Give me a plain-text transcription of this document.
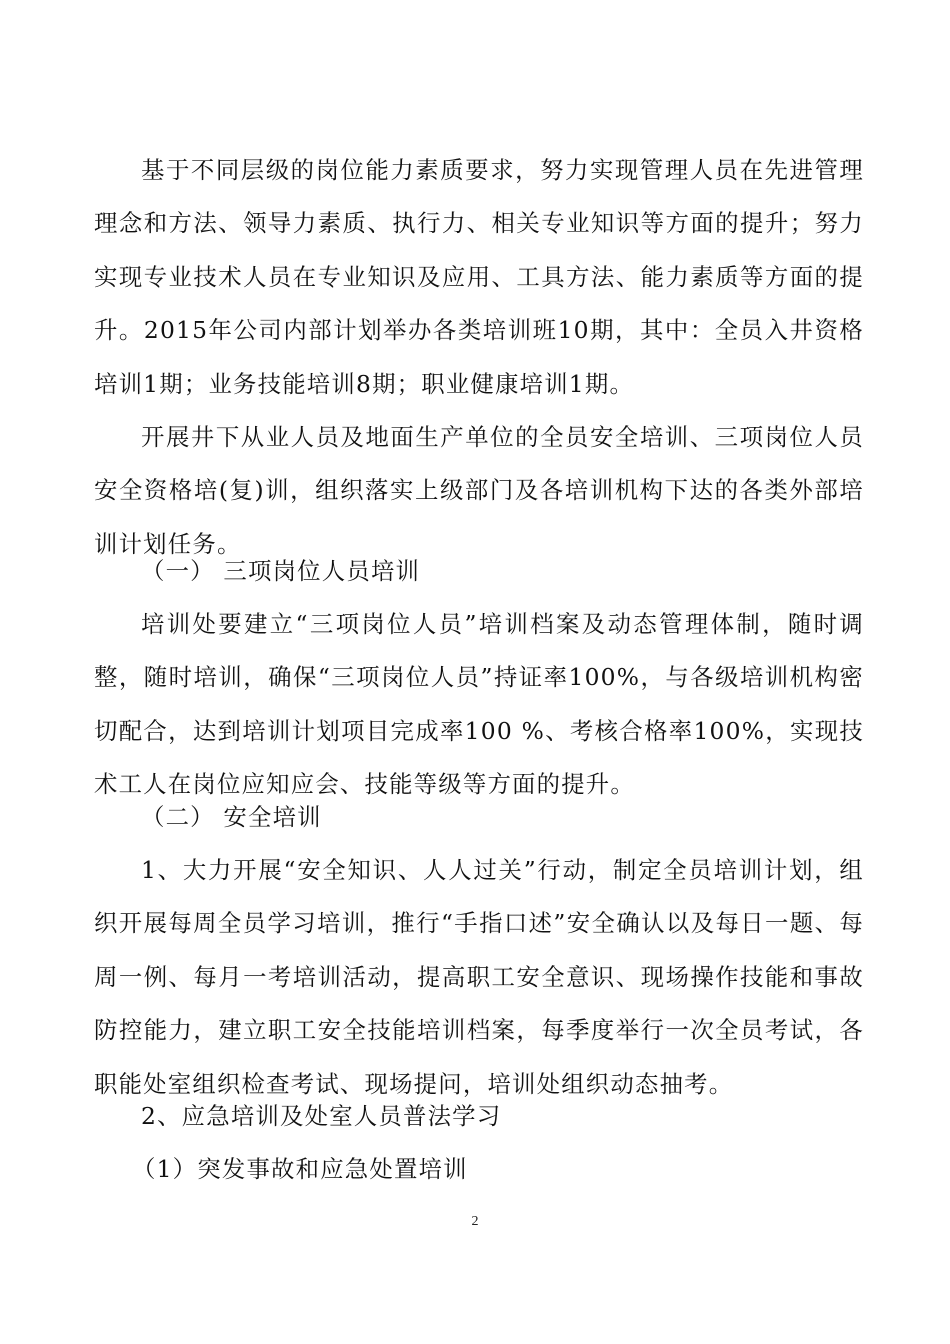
基于不同层级的岗位能力素质要求，努力实现管理人员在先进管理理念和方法、领导力素质、执行力、相关专业知识等方面的提升；努力实现专业技术人员在专业知识及应用、工具方法、能力素质等方面的提升。2015年公司内部计划举办各类培训班10期，其中：全员入井资格培训1期；业务技能培训8期；职业健康培训1期。

开展井下从业人员及地面生产单位的全员安全培训、三项岗位人员安全资格培(复)训，组织落实上级部门及各培训机构下达的各类外部培训计划任务。

（一） 三项岗位人员培训

培训处要建立“三项岗位人员”培训档案及动态管理体制，随时调整，随时培训，确保“三项岗位人员”持证率100%，与各级培训机构密切配合，达到培训计划项目完成率100 %、考核合格率100%，实现技术工人在岗位应知应会、技能等级等方面的提升。

（二） 安全培训

1、大力开展“安全知识、人人过关”行动，制定全员培训计划，组织开展每周全员学习培训，推行“手指口述”安全确认以及每日一题、每周一例、每月一考培训活动，提高职工安全意识、现场操作技能和事故防控能力，建立职工安全技能培训档案，每季度举行一次全员考试，各职能处室组织检查考试、现场提问，培训处组织动态抽考。

2、应急培训及处室人员普法学习

（1）突发事故和应急处置培训

2
